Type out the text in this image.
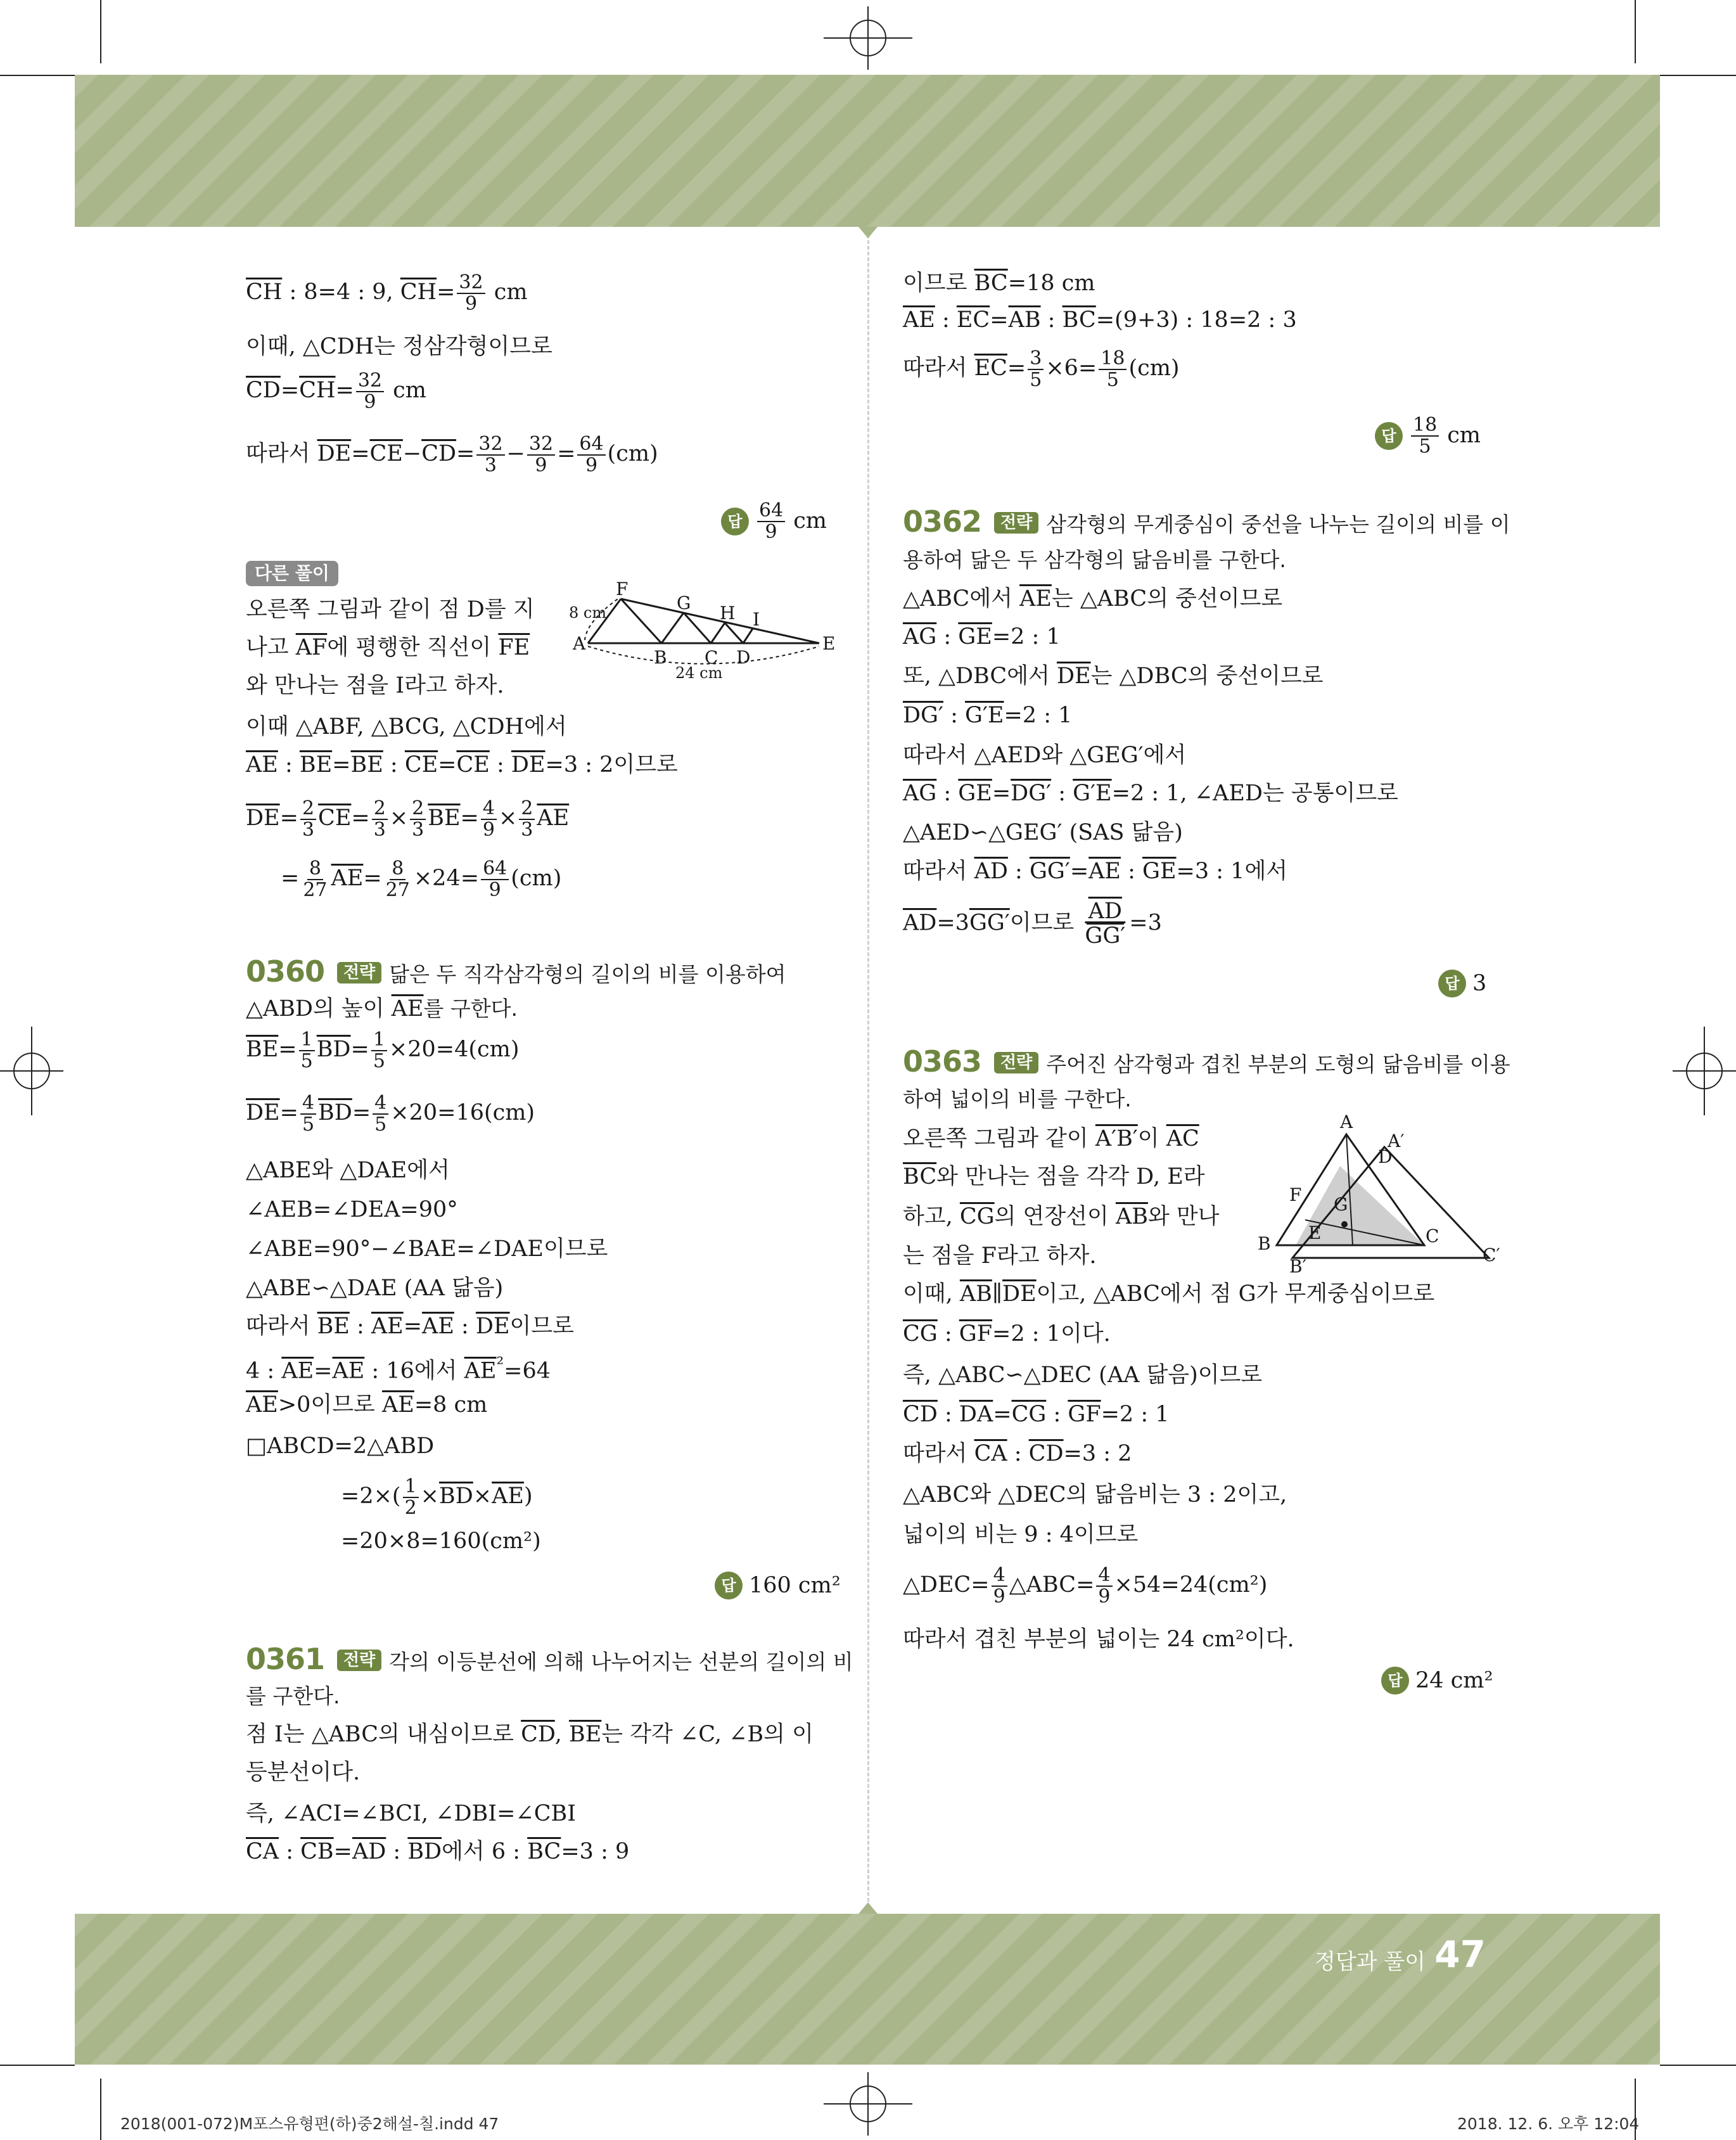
정답과 풀이 47
2018(001-072)M포스유형편(하)중2해설-칠.indd 47	2018. 12. 6. 오후 12:04
$\overline{CH}$ : 8=4 : 9, $\overline{CH}= \frac{32}{9}$ cm
이때, △CDH는 정삼각형이므로
$\overline{CD}=\overline{CH}= \frac{32}{9}$ cm
따라서 $\overline{DE}=\overline{CE}-\overline{CD}= \frac{32}{3} - \frac{32}{9} = \frac{64}{9} (cm)$
답 $\frac{64}{9}$ cm
다른 풀이
오른쪽 그림과 같이 점 D를 지
나고 $\overline{AF}$에 평행한 직선이 $\overline{FE}$
와 만나는 점을 I라고 하자.
이때 △ABF, △BCG, △CDH에서
$\overline{AE}$ : $\overline{BE}=\overline{BE}$ : $\overline{CE}=\overline{CE}$ : $\overline{DE}=3$ : 2이므로
$\overline{DE}= \frac{2}{3} \overline{CE}= \frac{2}{3} \times \frac{2}{3} \overline{BE}= \frac{4}{9} \times \frac{2}{3} \overline{AE}$
= $\frac{8}{27} \overline{AE}= \frac{8}{27} \times 24= \frac{64}{9} (cm)$
F
G H I
A
B C D
E
8 cm
24 cm
0360 전략 닮은 두 직각삼각형의 길이의 비를 이용하여
△ABD의 높이 $\overline{AE}$를 구한다.
$\overline{BE}= \frac{1}{5} \overline{BD}= \frac{1}{5} \times 20=4(cm)$
$\overline{DE}= \frac{4}{5} \overline{BD}= \frac{4}{5} \times 20=16(cm)$
△ABE와 △DAE에서
∠AEB=∠DEA=90°
∠ABE=90°−∠BAE=∠DAE이므로
△ABE∽△DAE (AA 닮음)
따라서 $\overline{BE}$ : $\overline{AE}=\overline{AE}$ : $\overline{DE}$이므로
4 : $\overline{AE}=\overline{AE}$ : 16에서 $\overline{AE}^{^2}=64$
$\overline{AE}>0$이므로 $\overline{AE}=8$ cm
□ABCD=2△ABD
$=2\times( \frac{1}{2} \times\overline{BD}\times\overline{AE})$
=20×8=160(cm²)
답 160 cm²
0361 전략 각의 이등분선에 의해 나누어지는 선분의 길이의 비
를 구한다.
점 I는 △ABC의 내심이므로 $\overline{CD}$, $\overline{BE}$는 각각 ∠C, ∠B의 이
등분선이다.
즉, ∠ACI=∠BCI, ∠DBI=∠CBI
$\overline{CA}$ : $\overline{CB}=\overline{AD}$ : $\overline{BD}$에서 6 : $\overline{BC}=3$ : 9
이므로 $\overline{BC}=18$ cm
$\overline{AE}$ : $\overline{EC}=\overline{AB}$ : $\overline{BC}=(9+3)$ : 18=2 : 3
따라서 $\overline{EC}= \frac{3}{5} \times 6= \frac{18}{5} (cm)$
답 $\frac{18}{5}$ cm
0362 전략 삼각형의 무게중심이 중선을 나누는 길이의 비를 이
용하여 닮은 두 삼각형의 닮음비를 구한다.
△ABC에서 $\overline{AE}$는 △ABC의 중선이므로
$\overline{AG}$ : $\overline{GE}=2$ : 1
또, △DBC에서 $\overline{DE}$는 △DBC의 중선이므로
DG′ : G′E=2 : 1
따라서 △AED와 △GEG′에서
$\overline{AG}$ : $\overline{GE}=DG'$ : G′E=2 : 1, ∠AED는 공통이므로
△AED∽△GEG′ (SAS 닮음)
따라서 $\overline{AD}$ : $GG'=\overline{AE}$ : $\overline{GE}=3$ : 1에서
$\overline{AD}=3GG'$이므로 $\frac{\overline{AD}}{GG'} =3$
답 3
0363 전략 주어진 삼각형과 겹친 부분의 도형의 닮음비를 이용
하여 넓이의 비를 구한다.
오른쪽 그림과 같이 A′B′이 $\overline{AC}$
$\overline{BC}$와 만나는 점을 각각 D, E라
하고, $\overline{CG}$의 연장선이 $\overline{AB}$와 만나
는 점을 F라고 하자.
이때, $\overline{AB}\parallel\overline{DE}$이고, △ABC에서 점 G가 무게중심이므로
$\overline{CG}$ : $\overline{GF}=2$ : 1이다.
즉, △ABC∽△DEC (AA 닮음)이므로
$\overline{CD}$ : $\overline{DA}=\overline{CG}$ : $\overline{GF}=2$ : 1
따라서 $\overline{CA}$ : $\overline{CD}=3$ : 2
△ABC와 △DEC의 닮음비는 3 : 2이고,
넓이의 비는 9 : 4이므로
△DEC= $\frac{4}{9}$ △ABC= $\frac{4}{9} \times 54=24(cm^2)$
따라서 겹친 부분의 넓이는 24 cm²이다.
답 24 cm²
A
A′
D
F G
E
B
B′
C
C′
